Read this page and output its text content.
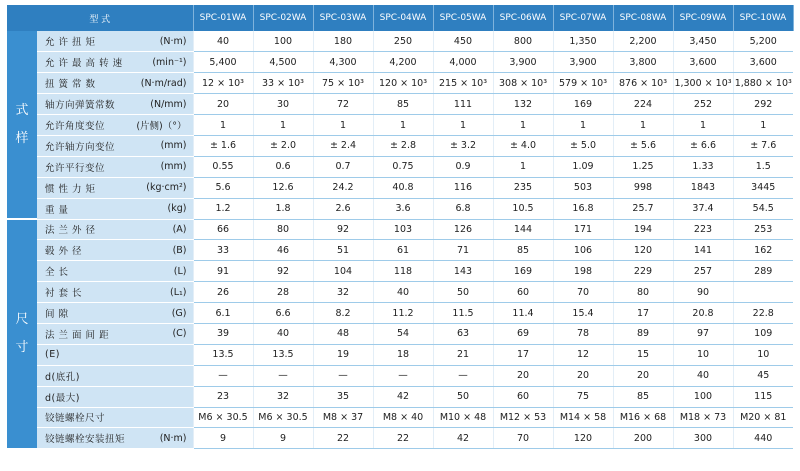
型 式		SPC-01WA	SPC-02WA	SPC-03WA	SPC-04WA	SPC-05WA	SPC-06WA	SPC-07WA	SPC-08WA	SPC-09WA	SPC-10WA

式
样	允 许 扭 矩 (N·m)	40	100	180	250	450	800	1,350	2,200	3,450	5,200

	允 许 最 高 转 速 (min⁻¹)	5,400	4,500	4,300	4,200	4,000	3,900	3,900	3,800	3,600	3,600

	扭 簧 常 数 (N·m/rad)	12 × 10³	33 × 10³	75 × 10³	120 × 10³	215 × 10³	308 × 10³	579 × 10³	876 × 10³	1,300 × 10³	1,880 × 10³

	轴方向弹簧常数 (N/mm)	20	30	72	85	111	132	169	224	252	292

	允许角度变位 (片侧)（°）	1	1	1	1	1	1	1	1	1	1

	允许轴方向变位 (mm)	± 1.6	± 2.0	± 2.4	± 2.8	± 3.2	± 4.0	± 5.0	± 5.6	± 6.6	± 7.6

	允许平行变位 (mm)	0.55	0.6	0.7	0.75	0.9	1	1.09	1.25	1.33	1.5

	惯 性 力 矩 (kg·cm²)	5.6	12.6	24.2	40.8	116	235	503	998	1843	3445

	重 量 (kg)	1.2	1.8	2.6	3.6	6.8	10.5	16.8	25.7	37.4	54.5

尺
寸	法 兰 外 径 (A)	66	80	92	103	126	144	171	194	223	253

	毂 外 径 (B)	33	46	51	61	71	85	106	120	141	162

	全 长 (L)	91	92	104	118	143	169	198	229	257	289

	衬 套 长 (L₁)	26	28	32	40	50	60	70	80	90	

	间 隙 (G)	6.1	6.6	8.2	11.2	11.5	11.4	15.4	17	20.8	22.8

	法 兰 面 间 距 (C)	39	40	48	54	63	69	78	89	97	109

	(E)	13.5	13.5	19	18	21	17	12	15	10	10

	d(底孔)	—	—	—	—	—	20	20	20	40	45

	d(最大)	23	32	35	42	50	60	75	85	100	115

	铰链螺栓尺寸	M6 × 30.5	M6 × 30.5	M8 × 37	M8 × 40	M10 × 48	M12 × 53	M14 × 58	M16 × 68	M18 × 73	M20 × 81

	铰链螺栓安装扭矩 (N·m)	9	9	22	22	42	70	120	200	300	440
